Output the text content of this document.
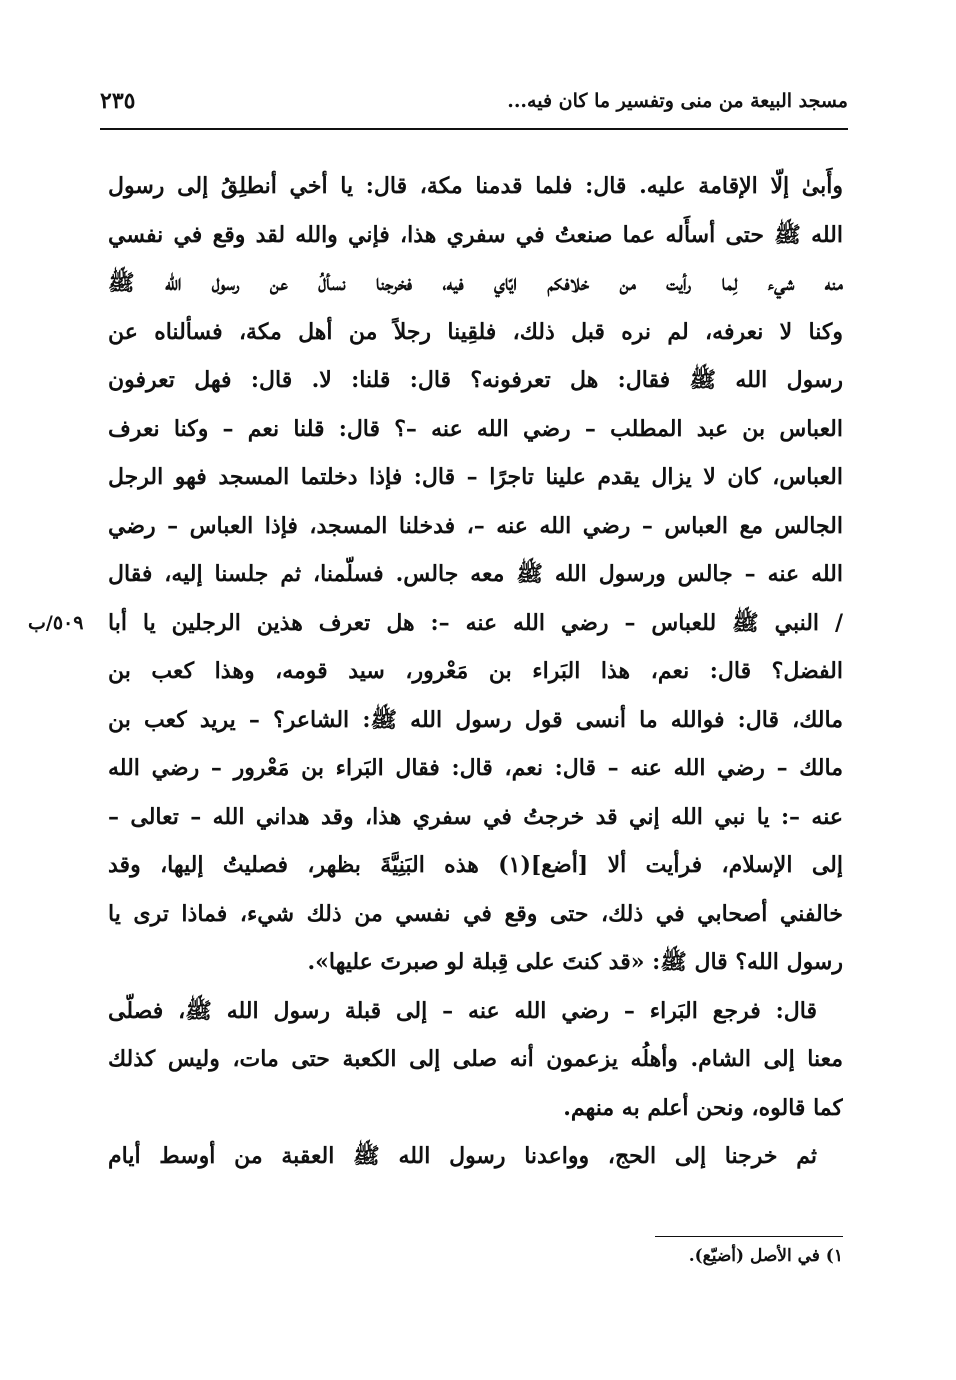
مسجد البيعة من منى وتفسير ما كان فيه...
٢٣٥
٥٠٩/ب
وأَبىٰ إلّا الإقامة عليه. قال: فلما قدمنا مكة، قال: يا أخي أنطلِقُ إلى رسول
الله ﷺ حتى أسأَله عما صنعتُ في سفري هذا، فإني والله لقد وقع في نفسي
منه شيء لِما رأيت من خلافكم ايّاي فيه، فخرجنا نسألُ عن رسول الله ﷺ
وكنا لا نعرفه، لم نره قبل ذلك، فلقِينا رجلاً من أهل مكة، فسألناه عن
رسول الله ﷺ فقال: هل تعرفونه؟ قال: قلنا: لا. قال: فهل تعرفون
العباس بن عبد المطلب – رضي الله عنه –؟ قال: قلنا نعم – وكنا نعرف
العباس، كان لا يزال يقدم علينا تاجرًا – قال: فإذا دخلتما المسجد فهو الرجل
الجالس مع العباس – رضي الله عنه –، فدخلنا المسجد، فإذا العباس – رضي
الله عنه – جالس ورسول الله ﷺ معه جالس. فسلّمنا، ثم جلسنا إليه، فقال
/ النبي ﷺ للعباس – رضي الله عنه –: هل تعرف هذين الرجلين يا أبا
الفضل؟ قال: نعم، هذا البَراء بن مَعْرور، سيد قومه، وهذا كعب بن
مالك، قال: فوالله ما أنسى قول رسول الله ﷺ: الشاعر؟ – يريد كعب بن
مالك – رضي الله عنه – قال: نعم، قال: فقال البَراء بن مَعْرور – رضي الله
عنه –: يا نبي الله إني قد خرجتُ في سفري هذا، وقد هداني الله – تعالى –
إلى الإسلام، فرأيت ألا [أضع](١) هذه البَنِيَّةَ بظهر، فصليتُ إليها، وقد
خالفني أصحابي في ذلك، حتى وقع في نفسي من ذلك شيء، فماذا ترى يا
رسول الله؟ قال ﷺ: «قد كنتَ على قِبلة لو صبرتَ عليها».
قال: فرجع البَراء – رضي الله عنه – إلى قبلة رسول الله ﷺ، فصلّى
معنا إلى الشام. وأهلُه يزعمون أنه صلى إلى الكعبة حتى مات، وليس كذلك
كما قالوه، ونحن أعلم به منهم.
ثم خرجنا إلى الحج، وواعدنا رسول الله ﷺ العقبة من أوسط أيام
١) في الأصل (أضيّع).
